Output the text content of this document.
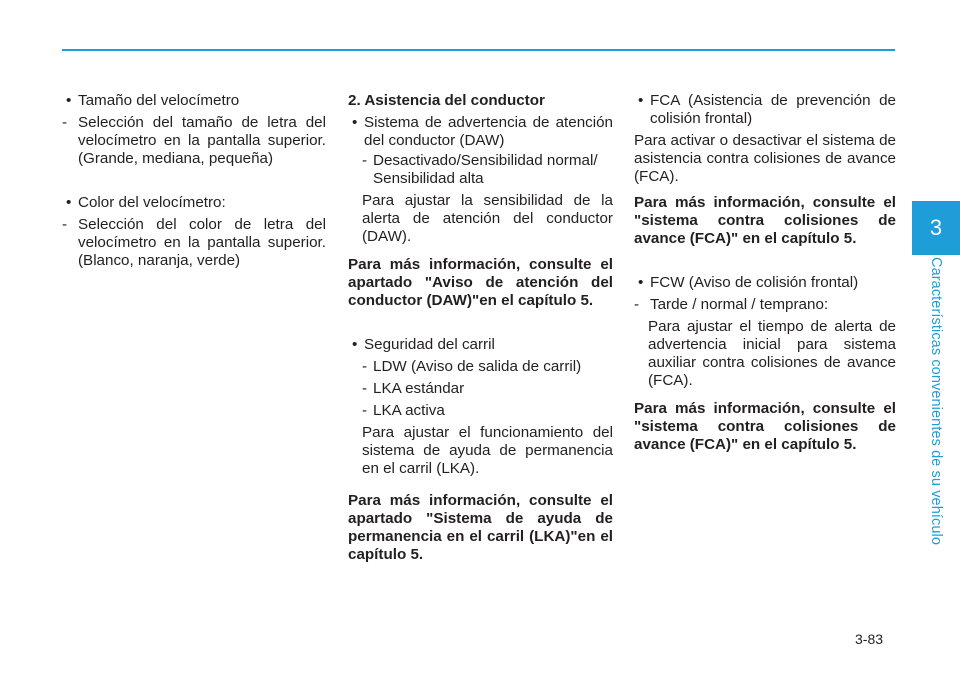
• Tamaño del velocímetro
- Selección del tamaño de letra del velocímetro en la pantalla superior. (Grande, mediana, pequeña)
• Color del velocímetro:
- Selección del color de letra del velocímetro en la pantalla superior. (Blanco, naranja, verde)

2. Asistencia del conductor

• Sistema de advertencia de atención del conductor (DAW)
- Desactivado/Sensibilidad normal/ Sensibilidad alta

Para ajustar la sensibilidad de la alerta de atención del conductor (DAW).

Para más información, consulte el apartado "Aviso de atención del conductor (DAW)"en el capítulo 5.

• Seguridad del carril
- LDW (Aviso de salida de carril)
- LKA estándar
- LKA activa

Para ajustar el funcionamiento del sistema de ayuda de permanencia en el carril (LKA).

Para más información, consulte el apartado "Sistema de ayuda de permanencia en el carril (LKA)"en el capítulo 5.

• FCA (Asistencia de prevención de colisión frontal)

Para activar o desactivar el sistema de asistencia contra colisiones de avance (FCA).

Para más información, consulte el "sistema contra colisiones de avance (FCA)" en el capítulo 5.

• FCW (Aviso de colisión frontal)
- Tarde / normal / temprano:

Para ajustar el tiempo de alerta de advertencia inicial para sistema auxiliar contra colisiones de avance (FCA).

Para más información, consulte el "sistema contra colisiones de avance (FCA)" en el capítulo 5.

3
Características convenientes de su vehículo
3-83
